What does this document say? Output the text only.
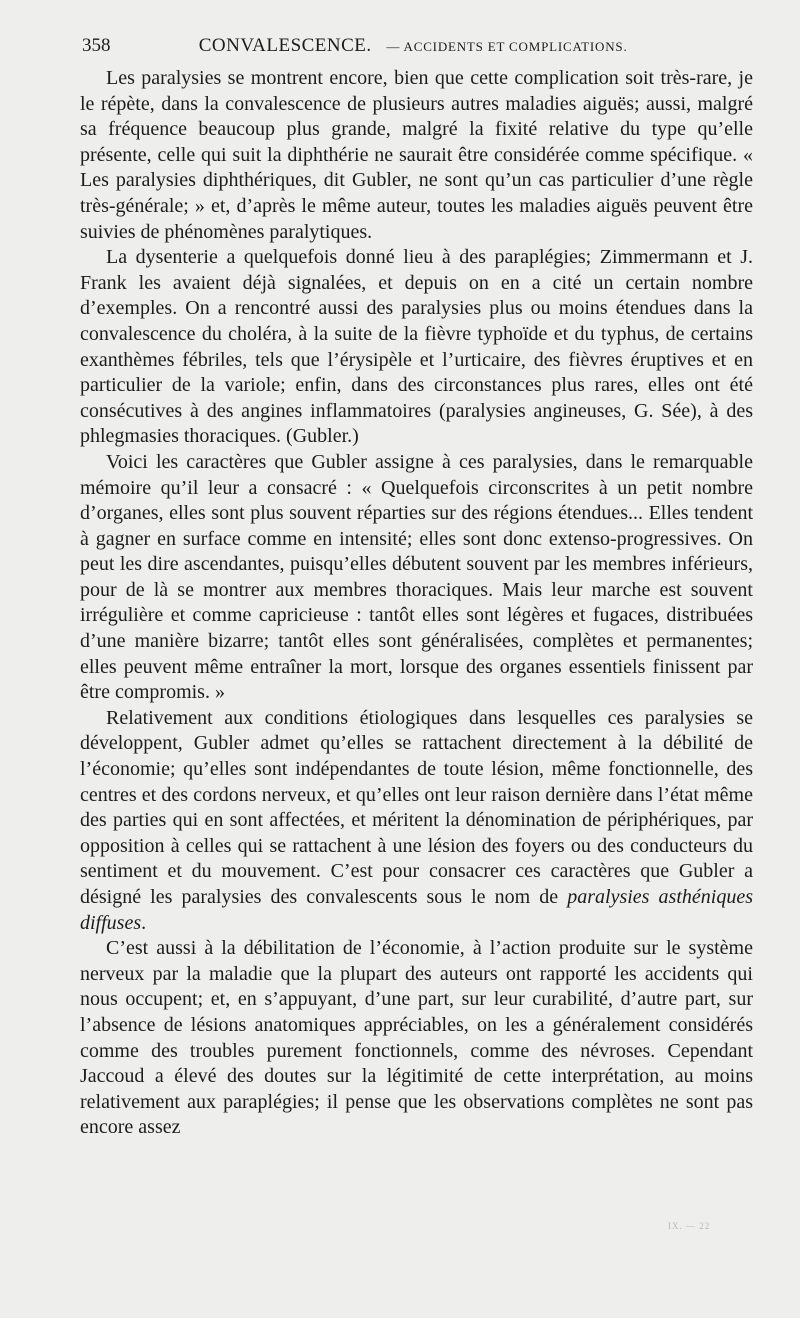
358	CONVALESCENCE. — ACCIDENTS ET COMPLICATIONS.

Les paralysies se montrent encore, bien que cette complication soit très-rare, je le répète, dans la convalescence de plusieurs autres maladies aiguës; aussi, malgré sa fréquence beaucoup plus grande, malgré la fixité relative du type qu’elle présente, celle qui suit la diphthérie ne saurait être considérée comme spécifique. « Les paralysies diphthériques, dit Gubler, ne sont qu’un cas particulier d’une règle très-générale; » et, d’après le même auteur, toutes les maladies aiguës peuvent être suivies de phénomènes paralytiques.

La dysenterie a quelquefois donné lieu à des paraplégies; Zimmermann et J. Frank les avaient déjà signalées, et depuis on en a cité un certain nombre d’exemples. On a rencontré aussi des paralysies plus ou moins étendues dans la convalescence du choléra, à la suite de la fièvre typhoïde et du typhus, de certains exanthèmes fébriles, tels que l’érysipèle et l’urticaire, des fièvres éruptives et en particulier de la variole; enfin, dans des circonstances plus rares, elles ont été consécutives à des angines inflammatoires (paralysies angineuses, G. Sée), à des phlegmasies thoraciques. (Gubler.)

Voici les caractères que Gubler assigne à ces paralysies, dans le remarquable mémoire qu’il leur a consacré : « Quelquefois circonscrites à un petit nombre d’organes, elles sont plus souvent réparties sur des régions étendues... Elles tendent à gagner en surface comme en intensité; elles sont donc extenso-progressives. On peut les dire ascendantes, puisqu’elles débutent souvent par les membres inférieurs, pour de là se montrer aux membres thoraciques. Mais leur marche est souvent irrégulière et comme capricieuse : tantôt elles sont légères et fugaces, distribuées d’une manière bizarre; tantôt elles sont généralisées, complètes et permanentes; elles peuvent même entraîner la mort, lorsque des organes essentiels finissent par être compromis. »

Relativement aux conditions étiologiques dans lesquelles ces paralysies se développent, Gubler admet qu’elles se rattachent directement à la débilité de l’économie; qu’elles sont indépendantes de toute lésion, même fonctionnelle, des centres et des cordons nerveux, et qu’elles ont leur raison dernière dans l’état même des parties qui en sont affectées, et méritent la dénomination de périphériques, par opposition à celles qui se rattachent à une lésion des foyers ou des conducteurs du sentiment et du mouvement. C’est pour consacrer ces caractères que Gubler a désigné les paralysies des convalescents sous le nom de paralysies asthéniques diffuses.

C’est aussi à la débilitation de l’économie, à l’action produite sur le système nerveux par la maladie que la plupart des auteurs ont rapporté les accidents qui nous occupent; et, en s’appuyant, d’une part, sur leur curabilité, d’autre part, sur l’absence de lésions anatomiques appréciables, on les a généralement considérés comme des troubles purement fonctionnels, comme des névroses. Cependant Jaccoud a élevé des doutes sur la légitimité de cette interprétation, au moins relativement aux paraplégies; il pense que les observations complètes ne sont pas encore assez

IX. — 22
